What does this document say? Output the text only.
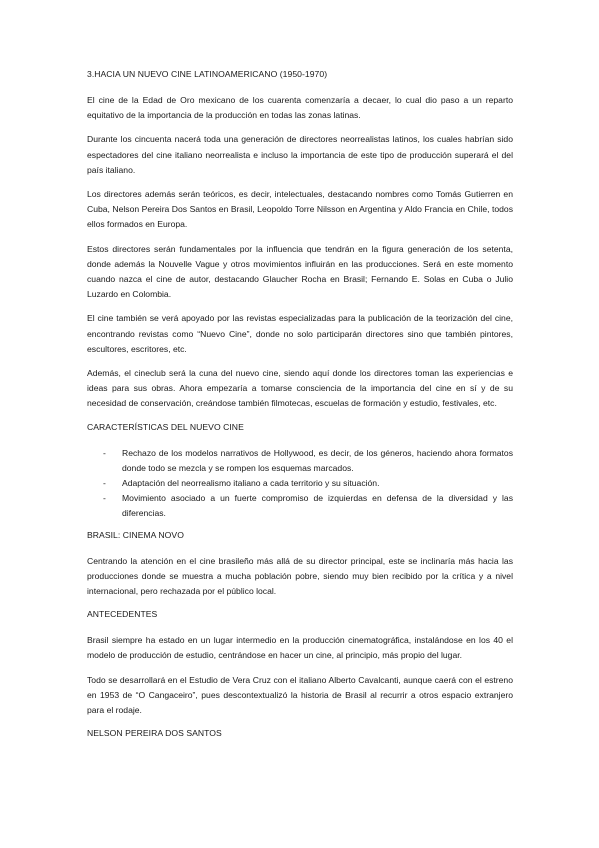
3.HACIA UN NUEVO CINE LATINOAMERICANO (1950-1970)

El cine de la Edad de Oro mexicano de los cuarenta comenzaría a decaer, lo cual dio paso a un reparto equitativo de la importancia de la producción en todas las zonas latinas.

Durante los cincuenta nacerá toda una generación de directores neorrealistas latinos, los cuales habrían sido espectadores del cine italiano neorrealista e incluso la importancia de este tipo de producción superará el del país italiano.

Los directores además serán teóricos, es decir, intelectuales, destacando nombres como Tomás Gutierren en Cuba, Nelson Pereira Dos Santos en Brasil, Leopoldo Torre Nilsson en Argentina y Aldo Francia en Chile, todos ellos formados en Europa.

Estos directores serán fundamentales por la influencia que tendrán en la figura generación de los setenta, donde además la Nouvelle Vague y otros movimientos influirán en las producciones. Será en este momento cuando nazca el cine de autor, destacando Glaucher Rocha en Brasil; Fernando E. Solas en Cuba o Julio Luzardo en Colombia.

El cine también se verá apoyado por las revistas especializadas para la publicación de la teorización del cine, encontrando revistas como “Nuevo Cine”, donde no solo participarán directores sino que también pintores, escultores, escritores, etc.

Además, el cineclub será la cuna del nuevo cine, siendo aquí donde los directores toman las experiencias e ideas para sus obras. Ahora empezaría a tomarse consciencia de la importancia del cine en sí y de su necesidad de conservación, creándose también filmotecas, escuelas de formación y estudio, festivales, etc.

CARACTERÍSTICAS DEL NUEVO CINE
- Rechazo de los modelos narrativos de Hollywood, es decir, de los géneros, haciendo ahora formatos donde todo se mezcla y se rompen los esquemas marcados.
- Adaptación del neorrealismo italiano a cada territorio y su situación.
- Movimiento asociado a un fuerte compromiso de izquierdas en defensa de la diversidad y las diferencias.
BRASIL: CINEMA NOVO

Centrando la atención en el cine brasileño más allá de su director principal, este se inclinaría más hacia las producciones donde se muestra a mucha población pobre, siendo muy bien recibido por la crítica y a nivel internacional, pero rechazada por el público local.

ANTECEDENTES

Brasil siempre ha estado en un lugar intermedio en la producción cinematográfica, instalándose en los 40 el modelo de producción de estudio, centrándose en hacer un cine, al principio, más propio del lugar.

Todo se desarrollará en el Estudio de Vera Cruz con el italiano Alberto Cavalcanti, aunque caerá con el estreno en 1953 de “O Cangaceiro”, pues descontextualizó la historia de Brasil al recurrir a otros espacio extranjero para el rodaje.

NELSON PEREIRA DOS SANTOS
